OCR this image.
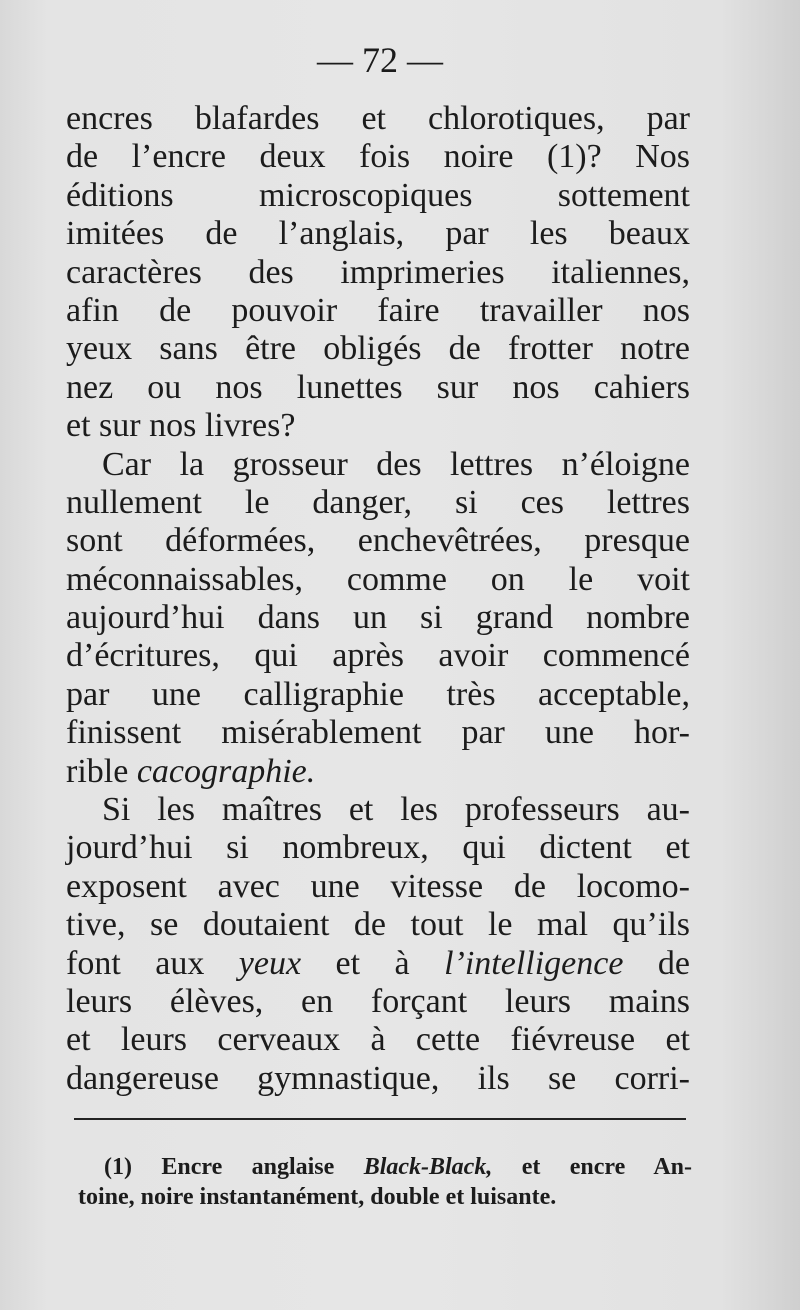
— 72 —
encres blafardes et chlorotiques, par
de l’encre deux fois noire (1)? Nos
éditions microscopiques sottement
imitées de l’anglais, par les beaux
caractères des imprimeries italiennes,
afin de pouvoir faire travailler nos
yeux sans être obligés de frotter notre
nez ou nos lunettes sur nos cahiers
et sur nos livres?
Car la grosseur des lettres n’éloigne
nullement le danger, si ces lettres
sont déformées, enchevêtrées, presque
méconnaissables, comme on le voit
aujourd’hui dans un si grand nombre
d’écritures, qui après avoir commencé
par une calligraphie très acceptable,
finissent misérablement par une hor-
rible cacographie.
Si les maîtres et les professeurs au-
jourd’hui si nombreux, qui dictent et
exposent avec une vitesse de locomo-
tive, se doutaient de tout le mal qu’ils
font aux yeux et à l’intelligence de
leurs élèves, en forçant leurs mains
et leurs cerveaux à cette fiévreuse et
dangereuse gymnastique, ils se corri-
(1) Encre anglaise Black-Black, et encre An-
toine, noire instantanément, double et luisante.
